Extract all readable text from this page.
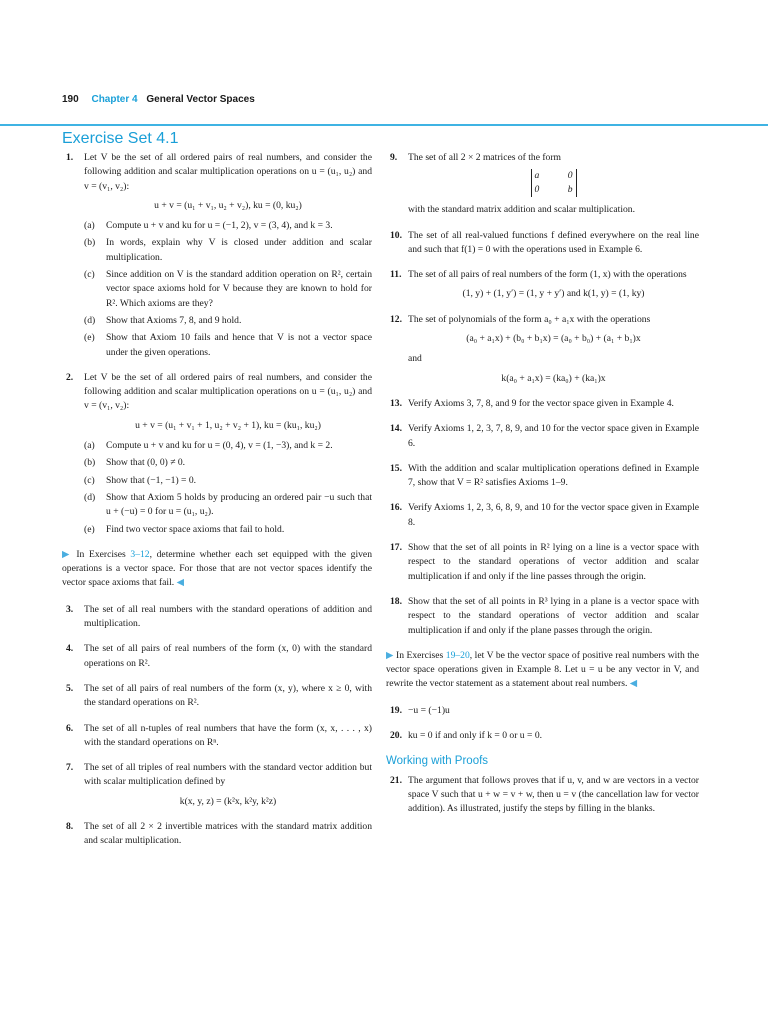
190 Chapter 4 General Vector Spaces
Exercise Set 4.1
1. Let V be the set of all ordered pairs of real numbers, and consider the following addition and scalar multiplication operations on u = (u₁, u₂) and v = (v₁, v₂):
u + v = (u₁ + v₁, u₂ + v₂), ku = (0, ku₂)
(a) Compute u + v and ku for u = (−1, 2), v = (3, 4), and k = 3.
(b) In words, explain why V is closed under addition and scalar multiplication.
(c) Since addition on V is the standard addition operation on R², certain vector space axioms hold for V because they are known to hold for R². Which axioms are they?
(d) Show that Axioms 7, 8, and 9 hold.
(e) Show that Axiom 10 fails and hence that V is not a vector space under the given operations.
2. Let V be the set of all ordered pairs of real numbers, and consider the following addition and scalar multiplication operations on u = (u₁, u₂) and v = (v₁, v₂):
u + v = (u₁ + v₁ + 1, u₂ + v₂ + 1), ku = (ku₁, ku₂)
(a) Compute u + v and ku for u = (0, 4), v = (1, −3), and k = 2.
(b) Show that (0, 0) ≠ 0.
(c) Show that (−1, −1) = 0.
(d) Show that Axiom 5 holds by producing an ordered pair −u such that u + (−u) = 0 for u = (u₁, u₂).
(e) Find two vector space axioms that fail to hold.
▶ In Exercises 3–12, determine whether each set equipped with the given operations is a vector space. For those that are not vector spaces identify the vector space axioms that fail. ◀
3. The set of all real numbers with the standard operations of addition and multiplication.
4. The set of all pairs of real numbers of the form (x, 0) with the standard operations on R².
5. The set of all pairs of real numbers of the form (x, y), where x ≥ 0, with the standard operations on R².
6. The set of all n-tuples of real numbers that have the form (x, x, . . . , x) with the standard operations on Rⁿ.
7. The set of all triples of real numbers with the standard vector addition but with scalar multiplication defined by
k(x, y, z) = (k²x, k²y, k²z)
8. The set of all 2 × 2 invertible matrices with the standard matrix addition and scalar multiplication.
9. The set of all 2 × 2 matrices of the form
a	0
0	b
with the standard matrix addition and scalar multiplication.
10. The set of all real-valued functions f defined everywhere on the real line and such that f(1) = 0 with the operations used in Example 6.
11. The set of all pairs of real numbers of the form (1, x) with the operations
(1, y) + (1, y′) = (1, y + y′) and k(1, y) = (1, ky)
12. The set of polynomials of the form a₀ + a₁x with the operations
(a₀ + a₁x) + (b₀ + b₁x) = (a₀ + b₀) + (a₁ + b₁)x
and
k(a₀ + a₁x) = (ka₀) + (ka₁)x
13. Verify Axioms 3, 7, 8, and 9 for the vector space given in Example 4.
14. Verify Axioms 1, 2, 3, 7, 8, 9, and 10 for the vector space given in Example 6.
15. With the addition and scalar multiplication operations defined in Example 7, show that V = R² satisfies Axioms 1–9.
16. Verify Axioms 1, 2, 3, 6, 8, 9, and 10 for the vector space given in Example 8.
17. Show that the set of all points in R² lying on a line is a vector space with respect to the standard operations of vector addition and scalar multiplication if and only if the line passes through the origin.
18. Show that the set of all points in R³ lying in a plane is a vector space with respect to the standard operations of vector addition and scalar multiplication if and only if the plane passes through the origin.
▶ In Exercises 19–20, let V be the vector space of positive real numbers with the vector space operations given in Example 8. Let u = u be any vector in V, and rewrite the vector statement as a statement about real numbers. ◀
19. −u = (−1)u
20. ku = 0 if and only if k = 0 or u = 0.
Working with Proofs
21. The argument that follows proves that if u, v, and w are vectors in a vector space V such that u + w = v + w, then u = v (the cancellation law for vector addition). As illustrated, justify the steps by filling in the blanks.
